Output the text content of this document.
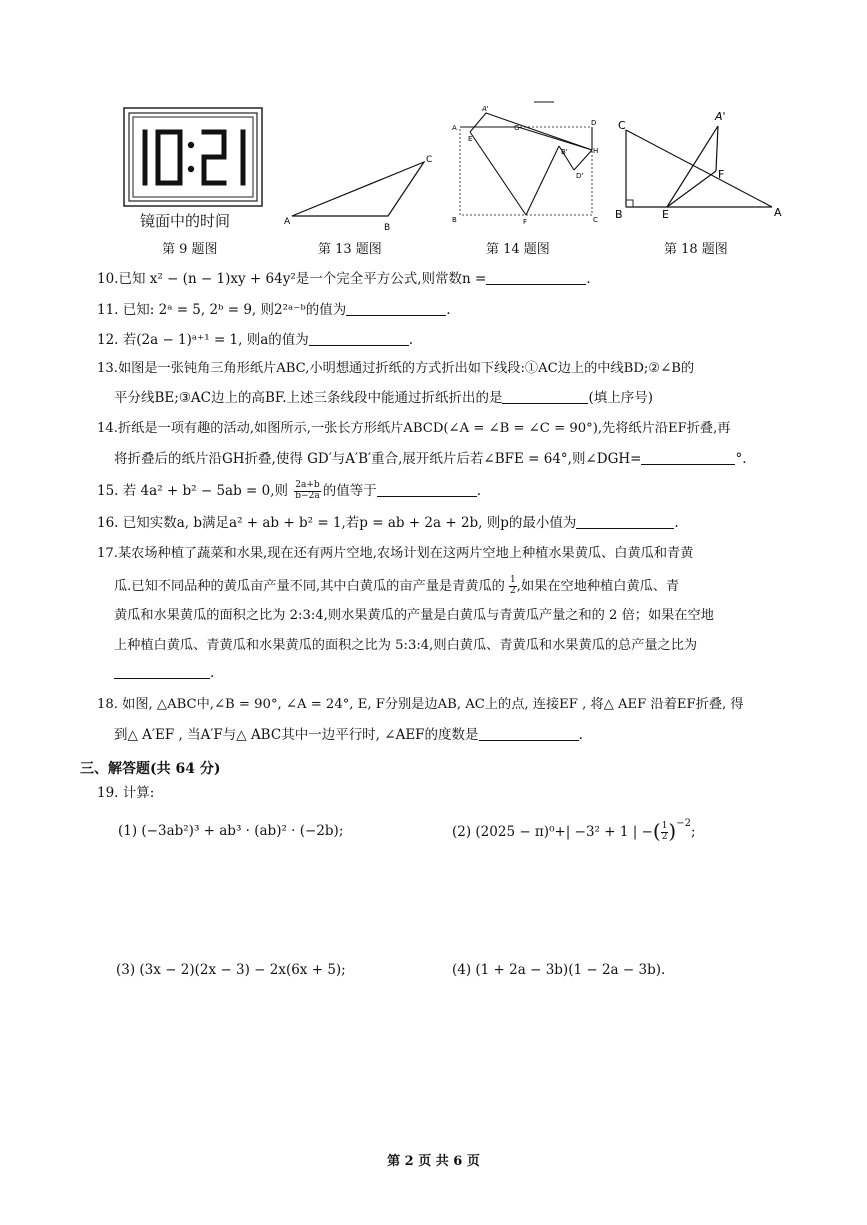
镜面中的时间
第 9 题图
A
B
C
第 13 题图
A'
A
E
G
D
B'	H
D'
B	F	C
第 14 题图
C
A'
F
B	E	A
第 18 题图
10.已知 x² − (n − 1)xy + 64y²是一个完全平方公式,则常数n =	.
11. 已知: 2ᵃ = 5, 2ᵇ = 9, 则2²ᵃ⁻ᵇ的值为	.
12. 若(2a − 1)ᵃ⁺¹ = 1, 则a的值为	.
13.如图是一张钝角三角形纸片ABC,小明想通过折纸的方式折出如下线段:①AC边上的中线BD;②∠B的
平分线BE;③AC边上的高BF.上述三条线段中能通过折纸折出的是	(填上序号)
14.折纸是一项有趣的活动,如图所示,一张长方形纸片ABCD(∠A = ∠B = ∠C = 90°),先将纸片沿EF折叠,再
将折叠后的纸片沿GH折叠,使得 GD′与A′B′重合,展开纸片后若∠BFE = 64°,则∠DGH=	°.
15. 若 4a² + b² − 5ab = 0,则 $\frac{2a+b}{b-2a}$ 的值等于	.
16. 已知实数a, b满足a² + ab + b² = 1,若p = ab + 2a + 2b, 则p的最小值为	.
17.某农场种植了蔬菜和水果,现在还有两片空地,农场计划在这两片空地上种植水果黄瓜、白黄瓜和青黄
瓜.已知不同品种的黄瓜亩产量不同,其中白黄瓜的亩产量是青黄瓜的 $\frac{1}{2}$ ,如果在空地种植白黄瓜、青
黄瓜和水果黄瓜的面积之比为 2:3:4,则水果黄瓜的产量是白黄瓜与青黄瓜产量之和的 2 倍；如果在空地
上种植白黄瓜、青黄瓜和水果黄瓜的面积之比为 5:3:4,则白黄瓜、青黄瓜和水果黄瓜的总产量之比为
.
18. 如图, △ABC中,∠B = 90°, ∠A = 24°, E, F分别是边AB, AC上的点, 连接EF , 将△ AEF 沿着EF折叠, 得
到△ A′EF , 当A′F与△ ABC其中一边平行时, ∠AEF的度数是	.
三、解答题(共 64 分)
19. 计算:
(1) (−3ab²)³ + ab³ · (ab)² · (−2b);	(2) (2025 − π)⁰+| −3² + 1 | −( $\frac{1}{2} )^{-2}$;
(3) (3x − 2)(2x − 3) − 2x(6x + 5);	(4) (1 + 2a − 3b)(1 − 2a − 3b).
第 2 页 共 6 页
